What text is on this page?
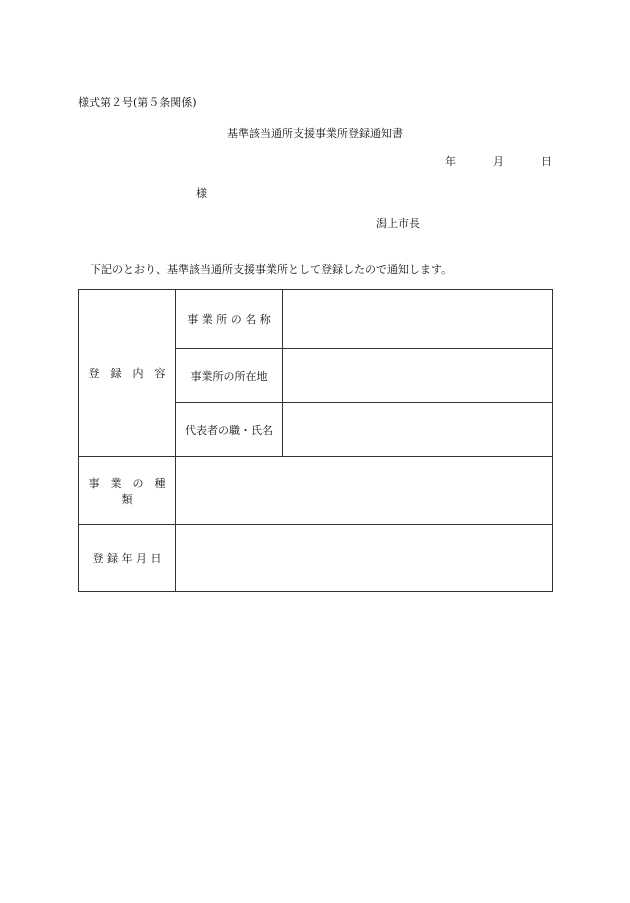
様式第２号(第５条関係)
基準該当通所支援事業所登録通知書
年	月	日
様
潟上市長
下記のとおり、基準該当通所支援事業所として登録したので通知します。
登　録　内　容	事 業 所 の 名 称	
	事業所の所在地	
	代表者の職・氏名	
事　業　の　種　類		
登 録 年 月 日		
